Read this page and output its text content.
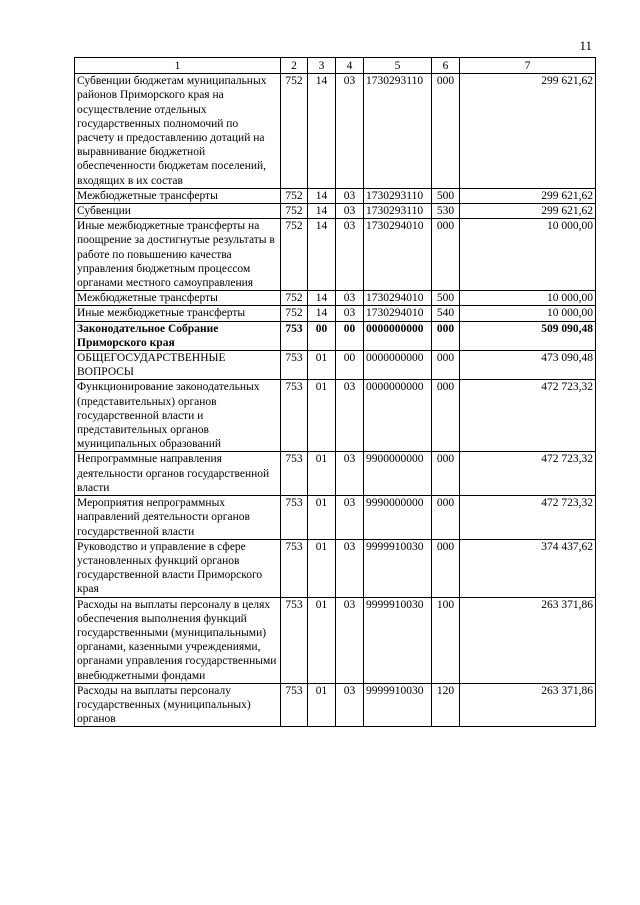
11
1	2	3	4	5	6	7
Субвенции бюджетам муниципальных районов Приморского края на осуществление отдельных государственных полномочий по расчету и предоставлению дотаций на выравнивание бюджетной обеспеченности бюджетам поселений, входящих в их состав	752	14	03	1730293110	000	299 621,62
Межбюджетные трансферты	752	14	03	1730293110	500	299 621,62
Субвенции	752	14	03	1730293110	530	299 621,62
Иные межбюджетные трансферты на поощрение за достигнутые результаты в работе по повышению качества управления бюджетным процессом органами местного самоуправления	752	14	03	1730294010	000	10 000,00
Межбюджетные трансферты	752	14	03	1730294010	500	10 000,00
Иные межбюджетные трансферты	752	14	03	1730294010	540	10 000,00
Законодательное Собрание Приморского края	753	00	00	0000000000	000	509 090,48
ОБЩЕГОСУДАРСТВЕННЫЕ ВОПРОСЫ	753	01	00	0000000000	000	473 090,48
Функционирование законодательных (представительных) органов государственной власти и представительных органов муниципальных образований	753	01	03	0000000000	000	472 723,32
Непрограммные направления деятельности органов государственной власти	753	01	03	9900000000	000	472 723,32
Мероприятия непрограммных направлений деятельности органов государственной власти	753	01	03	9990000000	000	472 723,32
Руководство и управление в сфере установленных функций органов государственной власти Приморского края	753	01	03	9999910030	000	374 437,62
Расходы на выплаты персоналу в целях обеспечения выполнения функций государственными (муниципальными) органами, казенными учреждениями, органами управления государственными внебюджетными фондами	753	01	03	9999910030	100	263 371,86
Расходы на выплаты персоналу государственных (муниципальных) органов	753	01	03	9999910030	120	263 371,86
